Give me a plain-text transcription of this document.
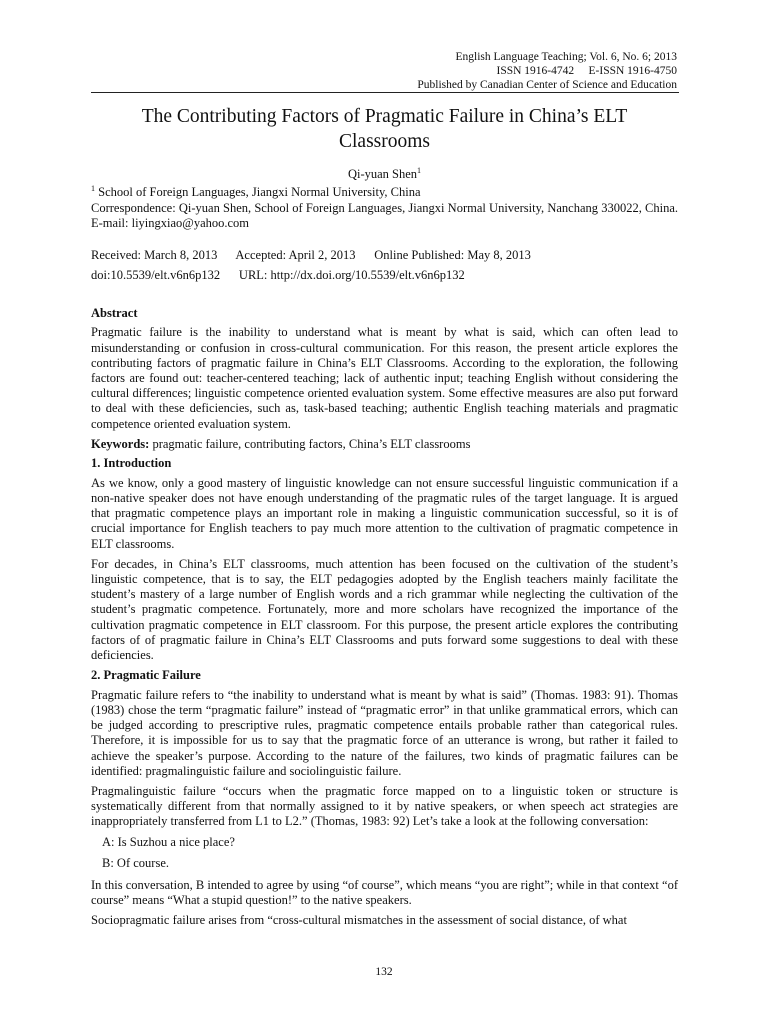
English Language Teaching; Vol. 6, No. 6; 2013
ISSN 1916-4742     E-ISSN 1916-4750
Published by Canadian Center of Science and Education
The Contributing Factors of Pragmatic Failure in China’s ELT
Classrooms
Qi-yuan Shen$^1$

$^1$ School of Foreign Languages, Jiangxi Normal University, China

Correspondence: Qi-yuan Shen, School of Foreign Languages, Jiangxi Normal University, Nanchang 330022, China. E-mail: liyingxiao@yahoo.com

Received: March 8, 2013      Accepted: April 2, 2013      Online Published: May 8, 2013
doi:10.5539/elt.v6n6p132      URL: http://dx.doi.org/10.5539/elt.v6n6p132
Abstract

Pragmatic failure is the inability to understand what is meant by what is said, which can often lead to misunderstanding or confusion in cross-cultural communication. For this reason, the present article explores the contributing factors of pragmatic failure in China’s ELT Classrooms. According to the exploration, the following factors are found out: teacher-centered teaching; lack of authentic input; teaching English without considering the cultural differences; linguistic competence oriented evaluation system. Some effective measures are also put forward to deal with these deficiencies, such as, task-based teaching; authentic English teaching materials and pragmatic competence oriented evaluation system.

Keywords: pragmatic failure, contributing factors, China’s ELT classrooms

1. Introduction

As we know, only a good mastery of linguistic knowledge can not ensure successful linguistic communication if a non-native speaker does not have enough understanding of the pragmatic rules of the target language. It is argued that pragmatic competence plays an important role in making a linguistic communication successful, so it is of crucial importance for English teachers to pay much more attention to the cultivation of pragmatic competence in ELT classrooms.

For decades, in China’s ELT classrooms, much attention has been focused on the cultivation of the student’s linguistic competence, that is to say, the ELT pedagogies adopted by the English teachers mainly facilitate the student’s mastery of a large number of English words and a rich grammar while neglecting the cultivation of the student’s pragmatic competence. Fortunately, more and more scholars have recognized the importance of the cultivation pragmatic competence in ELT classroom. For this purpose, the present article explores the contributing factors of of pragmatic failure in China’s ELT Classrooms and puts forward some suggestions to deal with these deficiencies.

2. Pragmatic Failure

Pragmatic failure refers to “the inability to understand what is meant by what is said” (Thomas. 1983: 91). Thomas (1983) chose the term “pragmatic failure” instead of “pragmatic error” in that unlike grammatical errors, which can be judged according to prescriptive rules, pragmatic competence entails probable rather than categorical rules. Therefore, it is impossible for us to say that the pragmatic force of an utterance is wrong, but rather it failed to achieve the speaker’s purpose. According to the nature of the failures, two kinds of pragmatic failures can be identified: pragmalinguistic failure and sociolinguistic failure.

Pragmalinguistic failure “occurs when the pragmatic force mapped on to a linguistic token or structure is systematically different from that normally assigned to it by native speakers, or when speech act strategies are inappropriately transferred from L1 to L2.” (Thomas, 1983: 92) Let’s take a look at the following conversation:

A: Is Suzhou a nice place?
B: Of course.

In this conversation, B intended to agree by using “of course”, which means “you are right”; while in that context “of course” means “What a stupid question!” to the native speakers.

Sociopragmatic failure arises from “cross-cultural mismatches in the assessment of social distance, of what

132
